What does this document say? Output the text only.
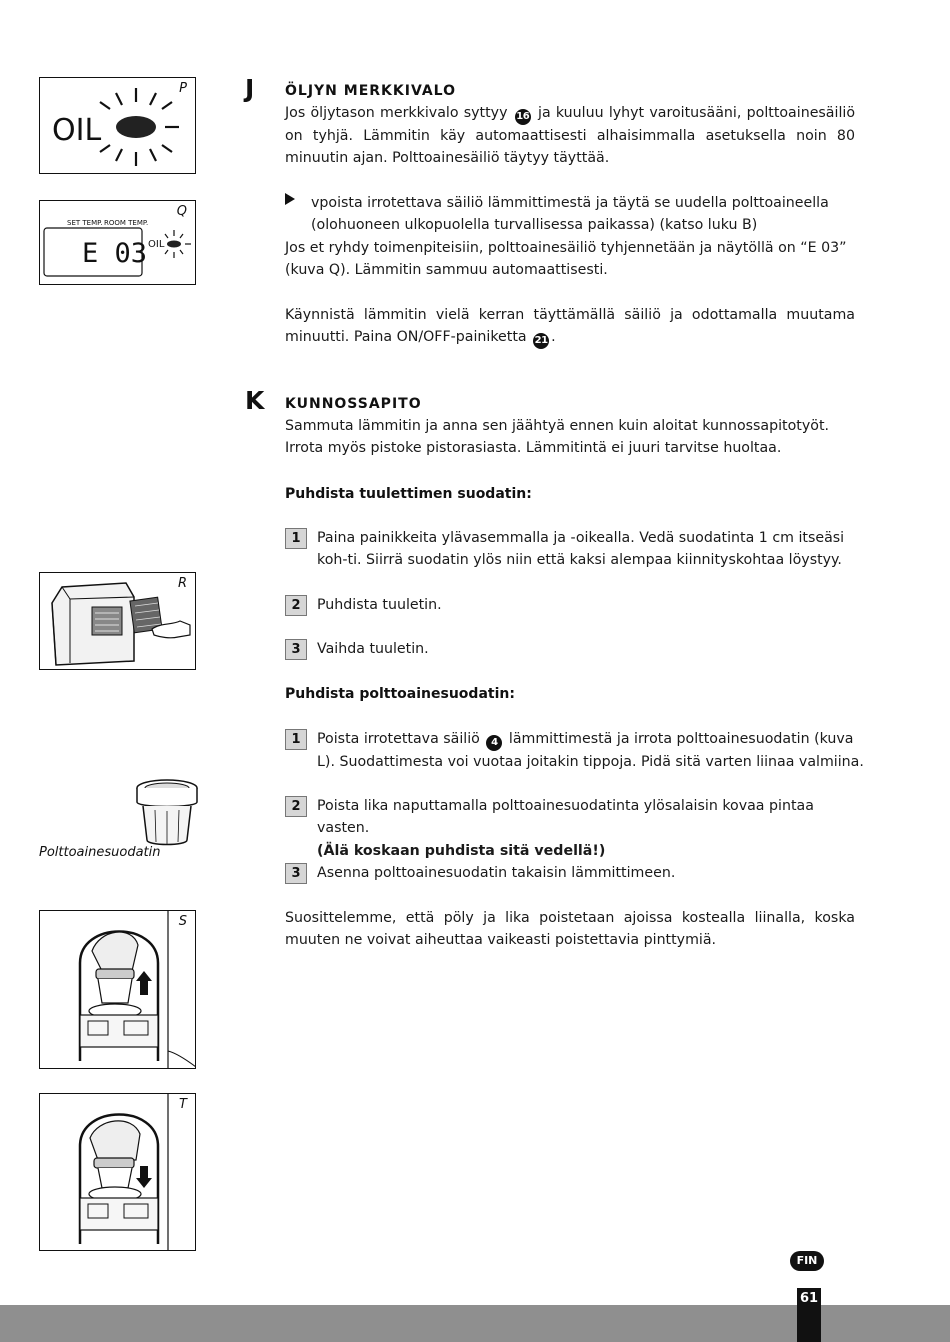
OIL
P
SET TEMP. ROOM TEMP.
E 03 OIL
Q
R
Polttoainesuodatin
S
T
J ÖLJYN MERKKIVALO
Jos öljytason merkkivalo syttyy 16 ja kuuluu lyhyt varoitusääni, polttoainesäiliö on tyhjä. Lämmitin käy automaattisesti alhaisimmalla asetuksella noin 80 minuutin ajan. Polttoainesäiliö täytyy täyttää.
vpoista irrotettava säiliö lämmittimestä ja täytä se uudella polttoaineella (olohuoneen ulkopuolella turvallisessa paikassa) (katso luku B)
Jos et ryhdy toimenpiteisiin, polttoainesäiliö tyhjennetään ja näytöllä on “E 03” (kuva Q). Lämmitin sammuu automaattisesti.
Käynnistä lämmitin vielä kerran täyttämällä säiliö ja odottamalla muutama minuutti. Paina ON/OFF-painiketta 21 .
K KUNNOSSAPITO
Sammuta lämmitin ja anna sen jäähtyä ennen kuin aloitat kunnossapitotyöt. Irrota myös pistoke pistorasiasta. Lämmitintä ei juuri tarvitse huoltaa.
Puhdista tuulettimen suodatin:
1	Paina painikkeita ylävasemmalla ja -oikealla. Vedä suodatinta 1 cm itseäsi koh-ti. Siirrä suodatin ylös niin että kaksi alempaa kiinnityskohtaa löystyy.
2	Puhdista tuuletin.
3	Vaihda tuuletin.
Puhdista polttoainesuodatin:
1	Poista irrotettava säiliö 4 lämmittimestä ja irrota polttoainesuodatin (kuva L). Suodattimesta voi vuotaa joitakin tippoja. Pidä sitä varten liinaa valmiina.
2	Poista lika naputtamalla polttoainesuodatinta ylösalaisin kovaa pintaa vasten.
(Älä koskaan puhdista sitä vedellä!)
3	Asenna polttoainesuodatin takaisin lämmittimeen.
Suosittelemme, että pöly ja lika poistetaan ajoissa kostealla liinalla, koska muuten ne voivat aiheuttaa vaikeasti poistettavia pinttymiä.
FIN
61
